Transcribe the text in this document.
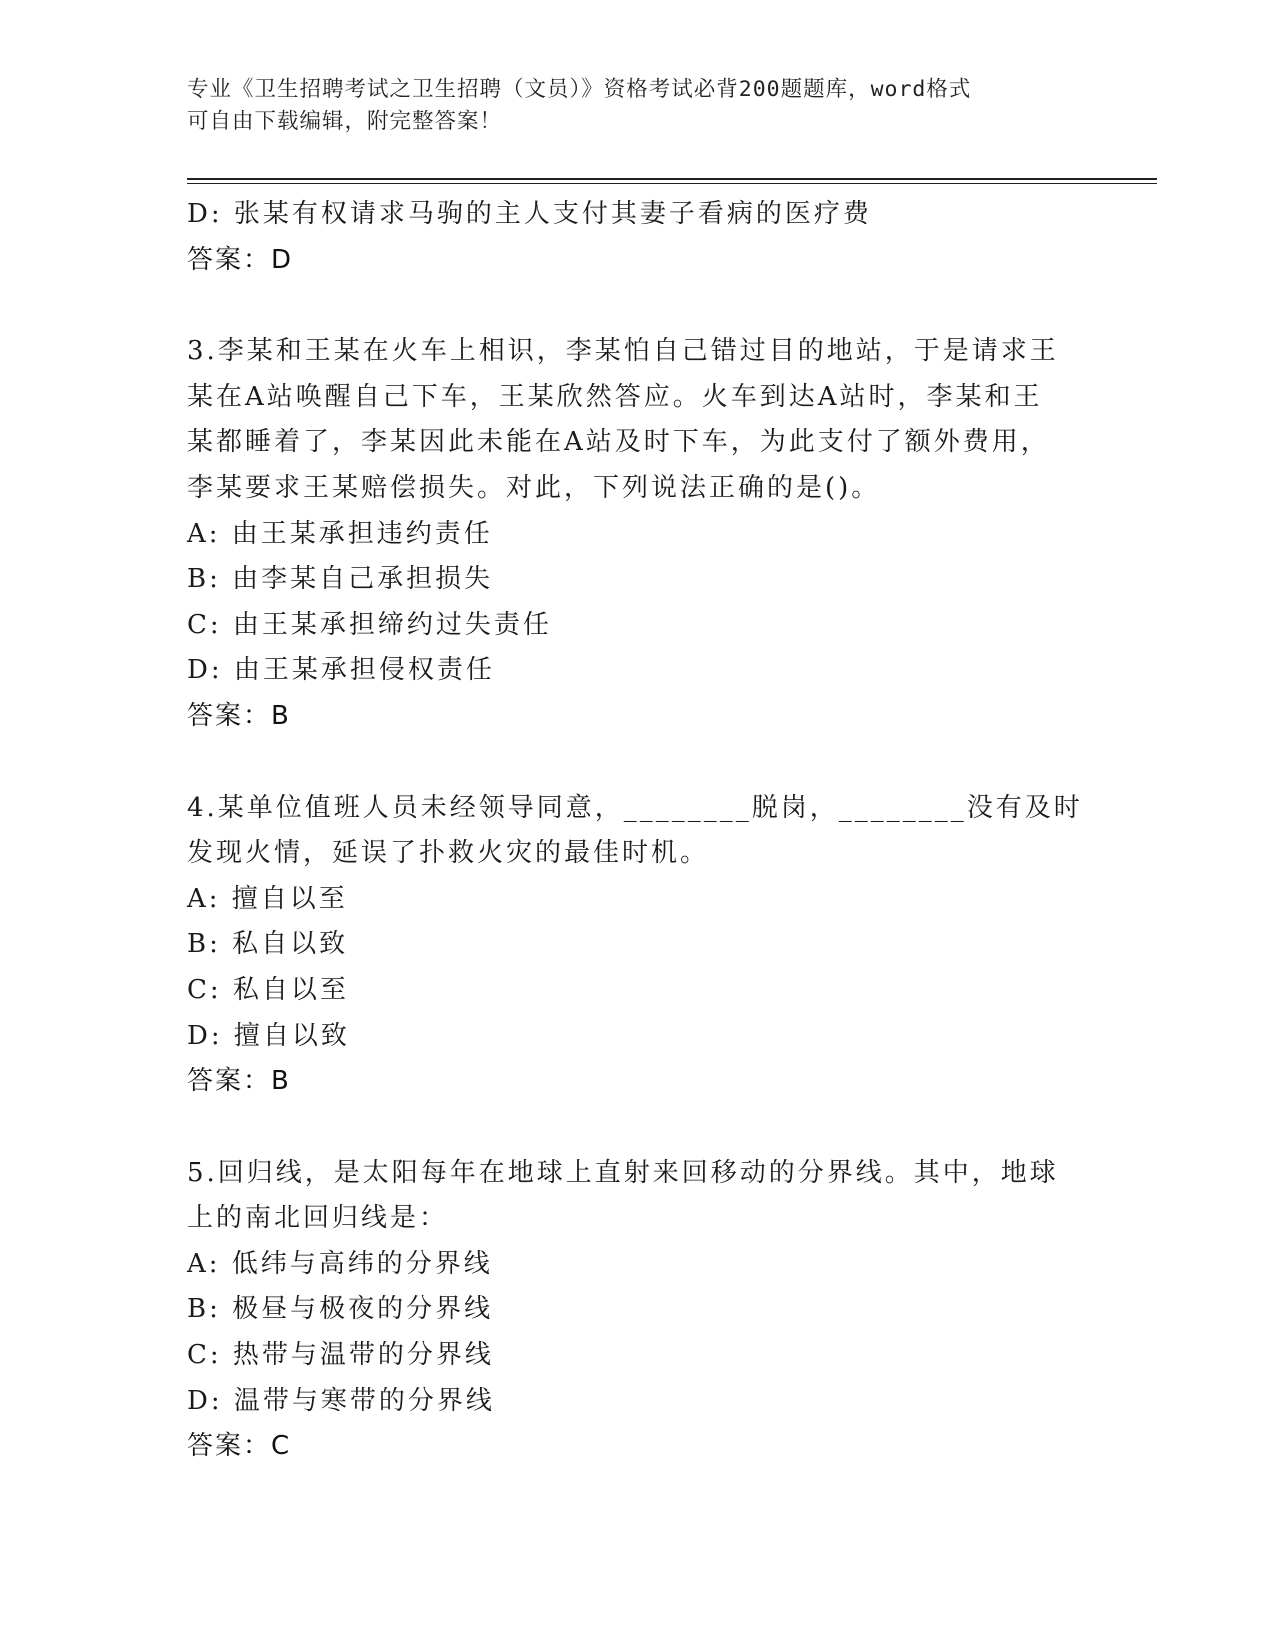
专业《卫生招聘考试之卫生招聘（文员）》资格考试必背200题题库，word格式
可自由下载编辑，附完整答案！
D: 张某有权请求马驹的主人支付其妻子看病的医疗费
答案：D
3.李某和王某在火车上相识，李某怕自己错过目的地站，于是请求王
某在A站唤醒自己下车，王某欣然答应。火车到达A站时，李某和王
某都睡着了，李某因此未能在A站及时下车，为此支付了额外费用，
李某要求王某赔偿损失。对此，下列说法正确的是()。
A: 由王某承担违约责任
B: 由李某自己承担损失
C: 由王某承担缔约过失责任
D: 由王某承担侵权责任
答案：B
4.某单位值班人员未经领导同意，________脱岗，________没有及时
发现火情，延误了扑救火灾的最佳时机。
A: 擅自以至
B: 私自以致
C: 私自以至
D: 擅自以致
答案：B
5.回归线，是太阳每年在地球上直射来回移动的分界线。其中，地球
上的南北回归线是：
A: 低纬与高纬的分界线
B: 极昼与极夜的分界线
C: 热带与温带的分界线
D: 温带与寒带的分界线
答案：C
